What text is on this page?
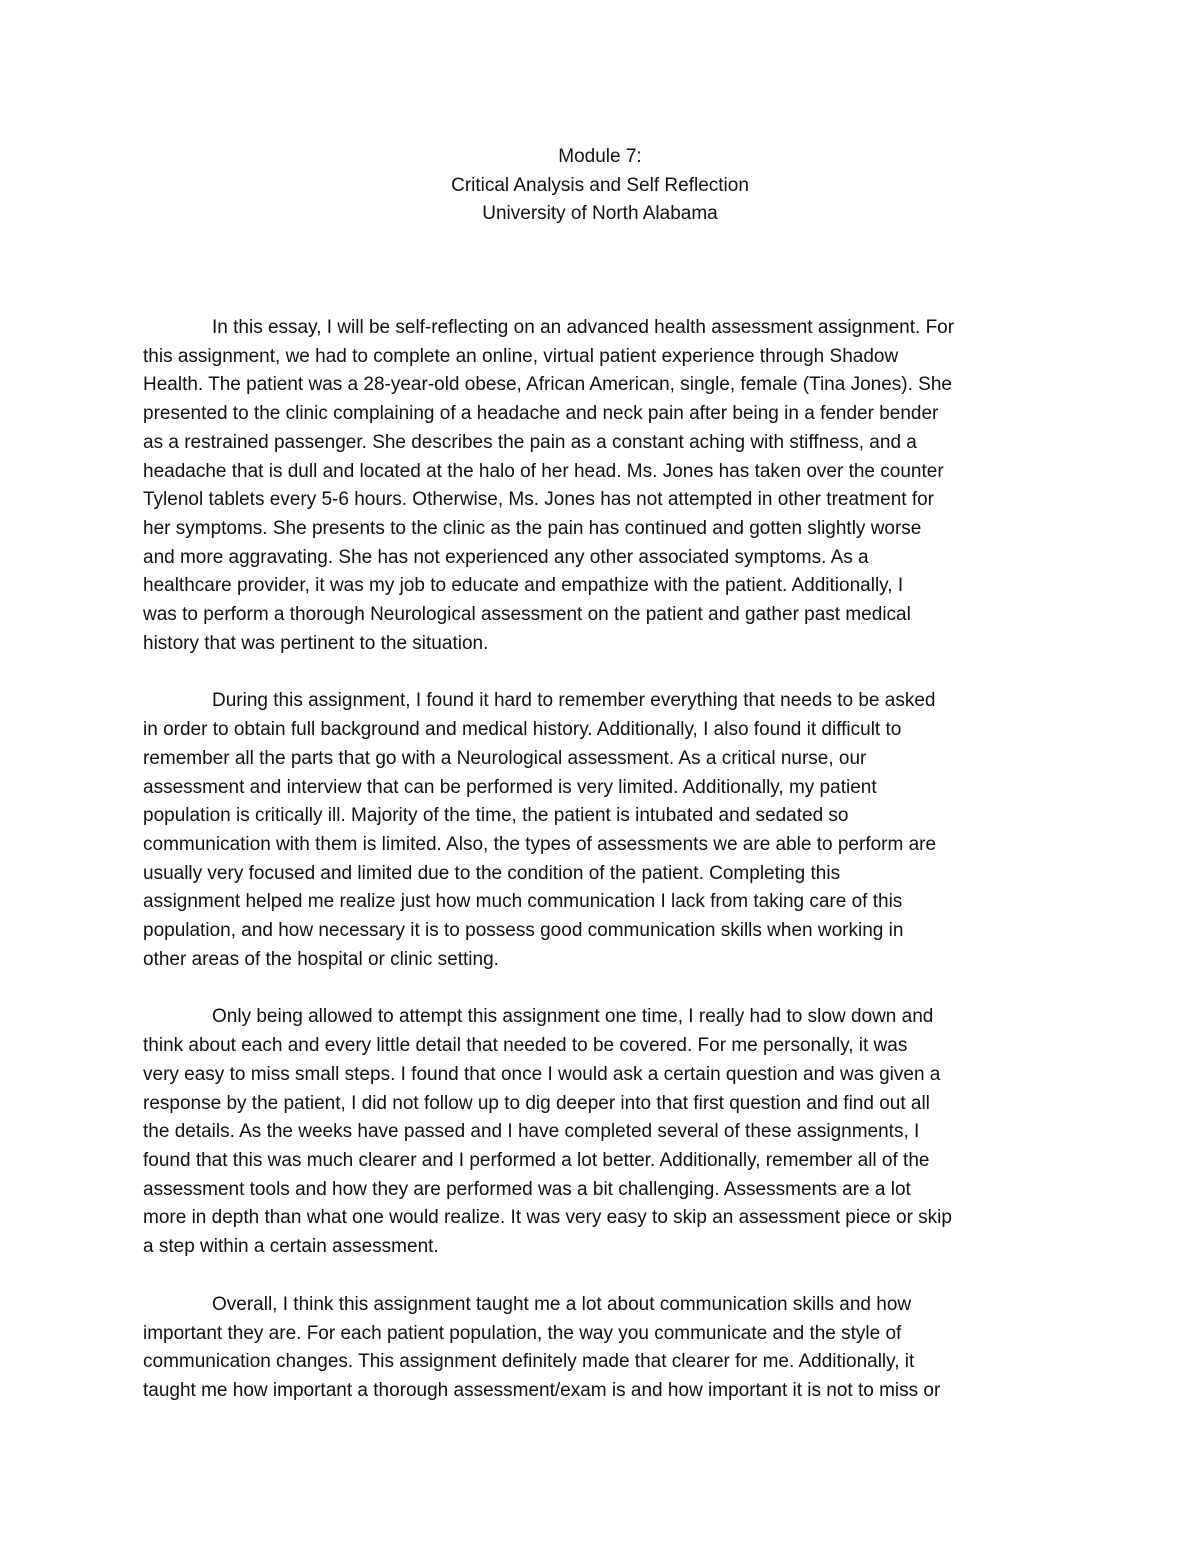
Module 7:
Critical Analysis and Self Reflection
University of North Alabama
In this essay, I will be self-reflecting on an advanced health assessment assignment. For
this assignment, we had to complete an online, virtual patient experience through Shadow
Health. The patient was a 28-year-old obese, African American, single, female (Tina Jones). She
presented to the clinic complaining of a headache and neck pain after being in a fender bender
as a restrained passenger. She describes the pain as a constant aching with stiffness, and a
headache that is dull and located at the halo of her head. Ms. Jones has taken over the counter
Tylenol tablets every 5-6 hours. Otherwise, Ms. Jones has not attempted in other treatment for
her symptoms. She presents to the clinic as the pain has continued and gotten slightly worse
and more aggravating. She has not experienced any other associated symptoms. As a
healthcare provider, it was my job to educate and empathize with the patient. Additionally, I
was to perform a thorough Neurological assessment on the patient and gather past medical
history that was pertinent to the situation.
During this assignment, I found it hard to remember everything that needs to be asked
in order to obtain full background and medical history. Additionally, I also found it difficult to
remember all the parts that go with a Neurological assessment. As a critical nurse, our
assessment and interview that can be performed is very limited. Additionally, my patient
population is critically ill. Majority of the time, the patient is intubated and sedated so
communication with them is limited. Also, the types of assessments we are able to perform are
usually very focused and limited due to the condition of the patient. Completing this
assignment helped me realize just how much communication I lack from taking care of this
population, and how necessary it is to possess good communication skills when working in
other areas of the hospital or clinic setting.
Only being allowed to attempt this assignment one time, I really had to slow down and
think about each and every little detail that needed to be covered. For me personally, it was
very easy to miss small steps. I found that once I would ask a certain question and was given a
response by the patient, I did not follow up to dig deeper into that first question and find out all
the details. As the weeks have passed and I have completed several of these assignments, I
found that this was much clearer and I performed a lot better. Additionally, remember all of the
assessment tools and how they are performed was a bit challenging. Assessments are a lot
more in depth than what one would realize. It was very easy to skip an assessment piece or skip
a step within a certain assessment.
Overall, I think this assignment taught me a lot about communication skills and how
important they are. For each patient population, the way you communicate and the style of
communication changes. This assignment definitely made that clearer for me. Additionally, it
taught me how important a thorough assessment/exam is and how important it is not to miss or
